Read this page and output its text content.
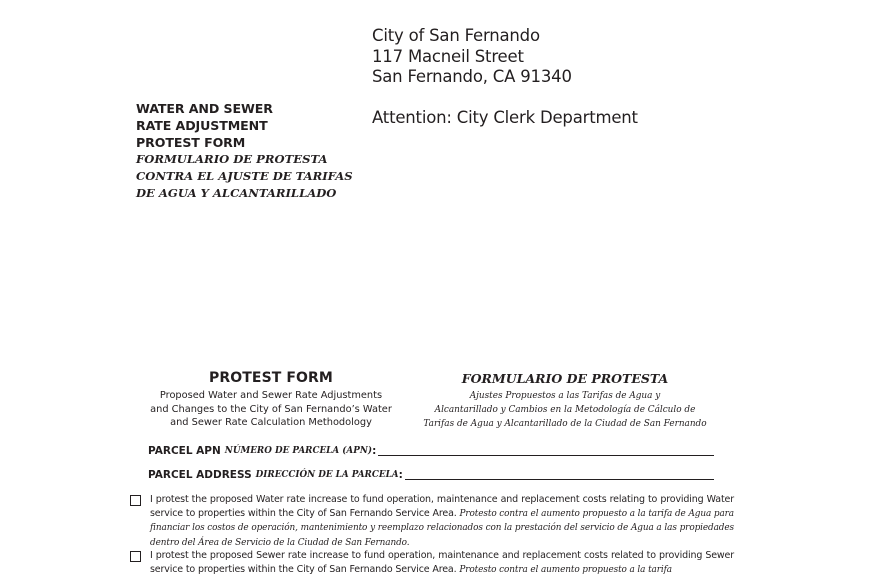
City of San Fernando
117 Macneil Street
San Fernando, CA 91340
Attention: City Clerk Department
WATER AND SEWER
RATE ADJUSTMENT
PROTEST FORM
FORMULARIO DE PROTESTA
CONTRA EL AJUSTE DE TARIFAS
DE AGUA Y ALCANTARILLADO
PROTEST FORM
Proposed Water and Sewer Rate Adjustments
and Changes to the City of San Fernando’s Water
and Sewer Rate Calculation Methodology
FORMULARIO DE PROTESTA
Ajustes Propuestos a las Tarifas de Agua y
Alcantarillado y Cambios en la Metodología de Cálculo de
Tarifas de Agua y Alcantarillado de la Ciudad de San Fernando
PARCEL APN NÚMERO DE PARCELA (APN) :
PARCEL ADDRESS DIRECCIÓN DE LA PARCELA :
I protest the proposed Water rate increase to fund operation, maintenance and replacement costs relating to providing Water service to properties within the City of San Fernando Service Area. Protesto contra el aumento propuesto a la tarifa de Agua para financiar los costos de operación, mantenimiento y reemplazo relacionados con la prestación del servicio de Agua a las propiedades dentro del Área de Servicio de la Ciudad de San Fernando.
I protest the proposed Sewer rate increase to fund operation, maintenance and replacement costs related to providing Sewer service to properties within the City of San Fernando Service Area. Protesto contra el aumento propuesto a la tarifa
